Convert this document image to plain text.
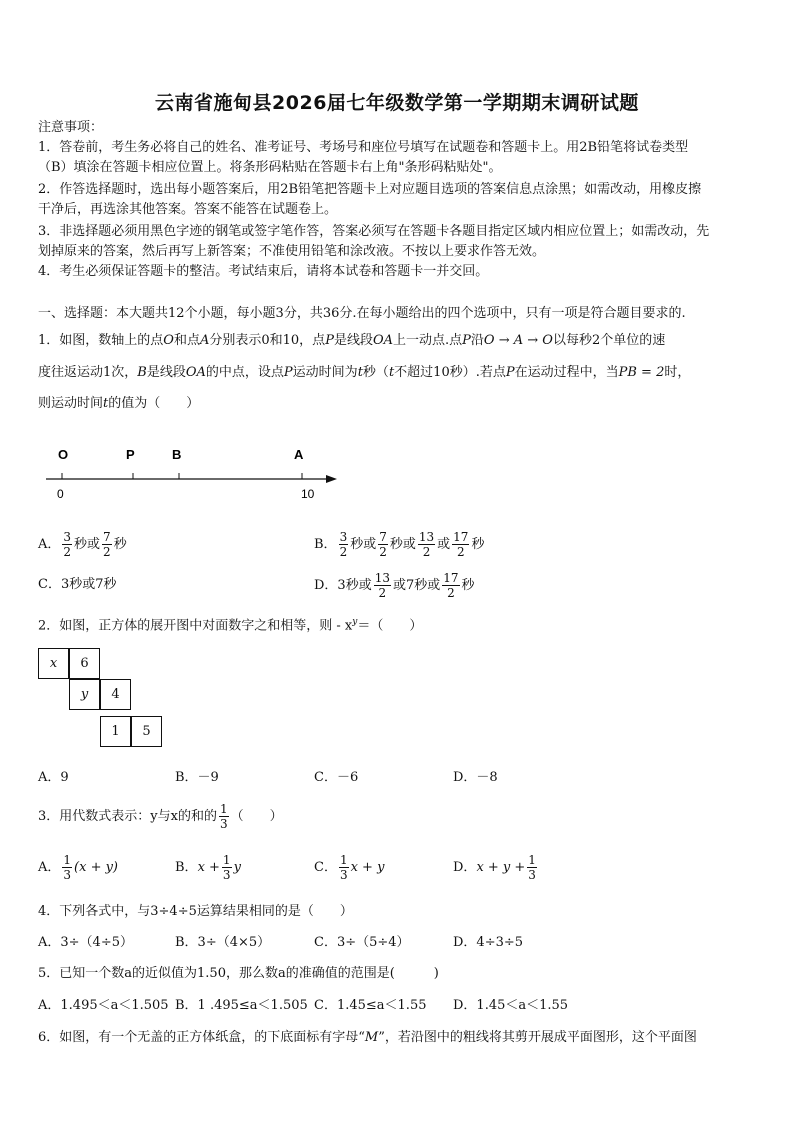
云南省施甸县2026届七年级数学第一学期期末调研试题
注意事项：
1．答卷前，考生务必将自己的姓名、准考证号、考场号和座位号填写在试题卷和答题卡上。用2B铅笔将试卷类型
（B）填涂在答题卡相应位置上。将条形码粘贴在答题卡右上角"条形码粘贴处"。
2．作答选择题时，选出每小题答案后，用2B铅笔把答题卡上对应题目选项的答案信息点涂黑；如需改动，用橡皮擦
干净后，再选涂其他答案。答案不能答在试题卷上。
3．非选择题必须用黑色字迹的钢笔或签字笔作答，答案必须写在答题卡各题目指定区域内相应位置上；如需改动，先
划掉原来的答案，然后再写上新答案；不准使用铅笔和涂改液。不按以上要求作答无效。
4．考生必须保证答题卡的整洁。考试结束后，请将本试卷和答题卡一并交回。
一、选择题：本大题共12个小题，每小题3分，共36分.在每小题给出的四个选项中，只有一项是符合题目要求的.
1．如图，数轴上的点O和点A分别表示0和10，点P是线段OA上一动点.点P沿O → A → O以每秒2个单位的速
度往返运动1次，B是线段OA的中点，设点P运动时间为t秒（t不超过10秒）.若点P在运动过程中，当PB = 2时，
则运动时间t的值为（　　）
O	P	B	A
0	10
A． $\frac{3}{2}$ 秒或 $\frac{7}{2}$ 秒	B． $\frac{3}{2}$ 秒或 $\frac{7}{2}$ 秒或 $\frac{13}{2}$ 或 $\frac{17}{2}$ 秒
C．3秒或7秒	D．3秒或 $\frac{13}{2}$ 或7秒或 $\frac{17}{2}$ 秒
2．如图，正方体的展开图中对面数字之和相等，则 - $x^y=$（　　）
x	6
y	4
1	5
A．9	B．－9	C．－6	D．－8
3．用代数式表示：y与x的和的 $\frac{1}{3}$ （　　）
A． $\frac{1}{3} (x + y)$	B．$x + \frac{1}{3}$ y	C． $\frac{1}{3}$ x + y	D．$x + y + \frac{1}{3}$
4．下列各式中，与3÷4÷5运算结果相同的是（　　）
A．3÷（4÷5）	B．3÷（4×5）	C．3÷（5÷4）	D．4÷3÷5
5．已知一个数a的近似值为1.50，那么数a的准确值的范围是(　　　)
A．1.495＜a＜1.505 B．1 .495≤a＜1.505 C．1.45≤a＜1.55 D．1.45＜a＜1.55
6．如图，有一个无盖的正方体纸盒，的下底面标有字母“M”，若沿图中的粗线将其剪开展成平面图形，这个平面图
